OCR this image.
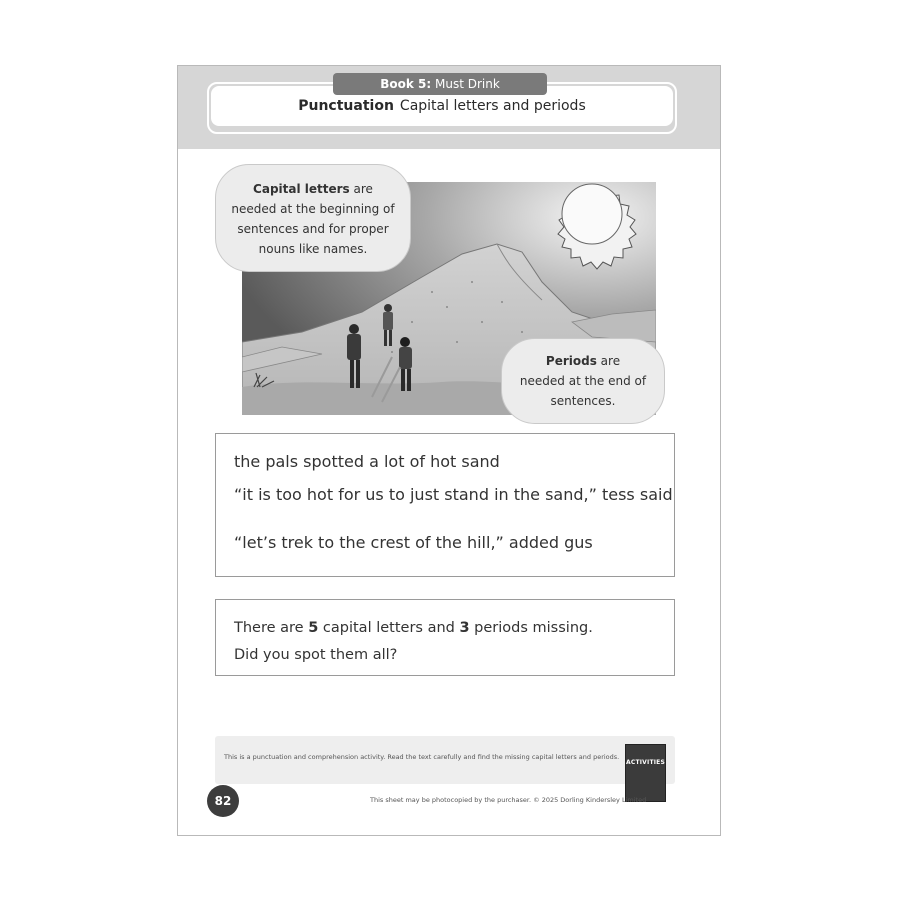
Punctuation Capital letters and periods
Book 5: Must Drink
Capital letters are
needed at the beginning of
sentences and for proper
nouns like names.
Periods are
needed at the end of
sentences.
the pals spotted a lot of hot sand
“it is too hot for us to just stand in the sand,” tess said
“let’s trek to the crest of the hill,” added gus
There are 5 capital letters and 3 periods missing.
Did you spot them all?
This is a punctuation and comprehension activity. Read the text carefully and find the missing capital letters and periods.
ACTIVITIES
82	This sheet may be photocopied by the purchaser. © 2025 Dorling Kindersley Limited
